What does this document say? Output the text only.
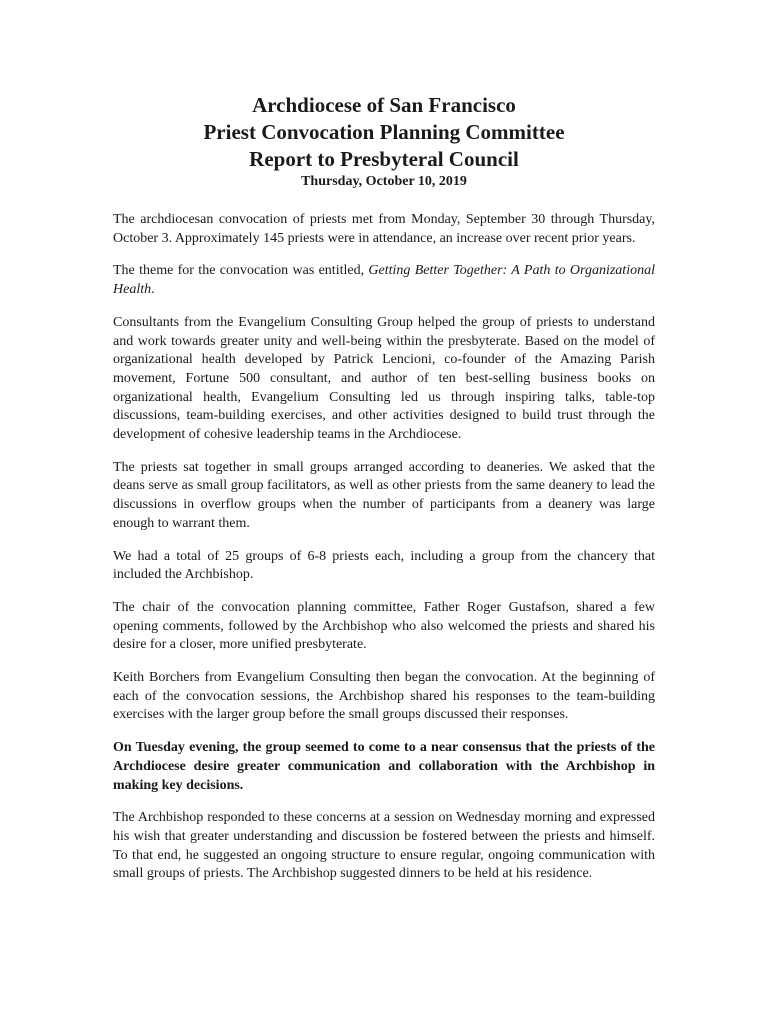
Archdiocese of San Francisco

Priest Convocation Planning Committee

Report to Presbyteral Council

Thursday, October 10, 2019

The archdiocesan convocation of priests met from Monday, September 30 through Thursday, October 3. Approximately 145 priests were in attendance, an increase over recent prior years.

The theme for the convocation was entitled, Getting Better Together: A Path to Organizational Health.

Consultants from the Evangelium Consulting Group helped the group of priests to understand and work towards greater unity and well-being within the presbyterate. Based on the model of organizational health developed by Patrick Lencioni, co-founder of the Amazing Parish movement, Fortune 500 consultant, and author of ten best-selling business books on organizational health, Evangelium Consulting led us through inspiring talks, table-top discussions, team-building exercises, and other activities designed to build trust through the development of cohesive leadership teams in the Archdiocese.

The priests sat together in small groups arranged according to deaneries. We asked that the deans serve as small group facilitators, as well as other priests from the same deanery to lead the discussions in overflow groups when the number of participants from a deanery was large enough to warrant them.

We had a total of 25 groups of 6-8 priests each, including a group from the chancery that included the Archbishop.

The chair of the convocation planning committee, Father Roger Gustafson, shared a few opening comments, followed by the Archbishop who also welcomed the priests and shared his desire for a closer, more unified presbyterate.

Keith Borchers from Evangelium Consulting then began the convocation. At the beginning of each of the convocation sessions, the Archbishop shared his responses to the team-building exercises with the larger group before the small groups discussed their responses.

On Tuesday evening, the group seemed to come to a near consensus that the priests of the Archdiocese desire greater communication and collaboration with the Archbishop in making key decisions.

The Archbishop responded to these concerns at a session on Wednesday morning and expressed his wish that greater understanding and discussion be fostered between the priests and himself. To that end, he suggested an ongoing structure to ensure regular, ongoing communication with small groups of priests. The Archbishop suggested dinners to be held at his residence.
